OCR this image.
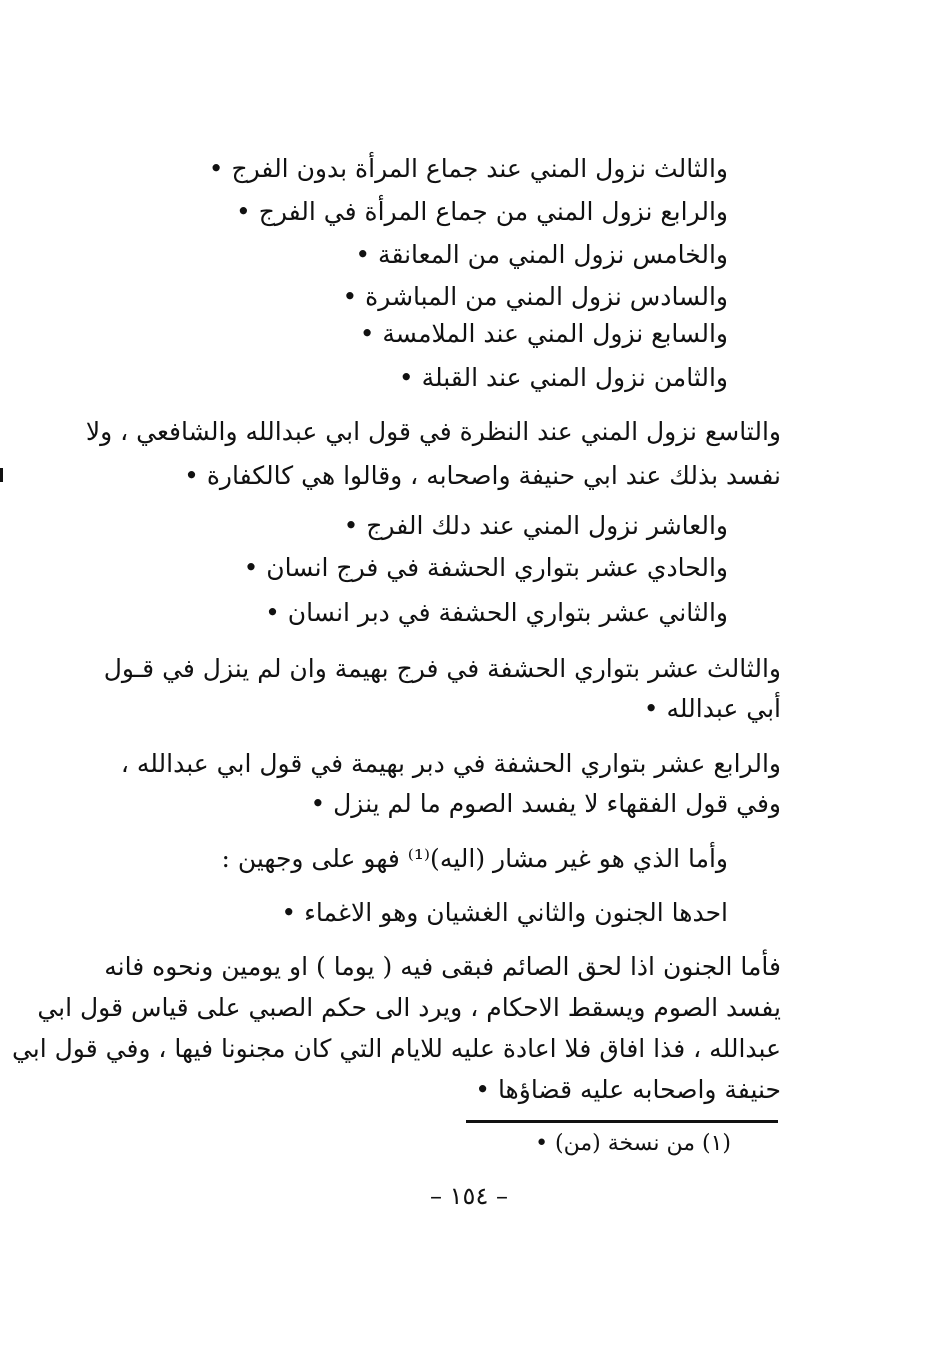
والثالث نزول المني عند جماع المرأة بدون الفرج •
والرابع نزول المني من جماع المرأة في الفرج •
والخامس نزول المني من المعانقة •
والسادس نزول المني من المباشرة •
والسابع نزول المني عند الملامسة •
والثامن نزول المني عند القبلة •
والتاسع نزول المني عند النظرة في قول ابي عبدالله والشافعي ، ولا
نفسد بذلك عند ابي حنيفة واصحابه ، وقالوا هي كالكفارة •
والعاشر نزول المني عند دلك الفرج •
والحادي عشر بتواري الحشفة في فرج انسان •
والثاني عشر بتواري الحشفة في دبر انسان •
والثالث عشر بتواري الحشفة في فرج بهيمة وان لم ينزل في قـول
أبي عبدالله •
والرابع عشر بتواري الحشفة في دبر بهيمة في قول ابي عبدالله ،
وفي قول الفقهاء لا يفسد الصوم ما لم ينزل •
وأما الذي هو غير مشار (اليه)⁽¹⁾ فهو على وجهين :
احدها الجنون والثاني الغشيان وهو الاغماء •
فأما الجنون اذا لحق الصائم فبقى فيه ( يوما ) او يومين ونحوه فانه
يفسد الصوم ويسقط الاحكام ، ويرد الى حكم الصبي على قياس قول ابي
عبدالله ، فذا افاق فلا اعادة عليه للايام التي كان مجنونا فيها ، وفي قول ابي
حنيفة واصحابه عليه قضاؤها •
(١) من نسخة (من) •
– ١٥٤ –
